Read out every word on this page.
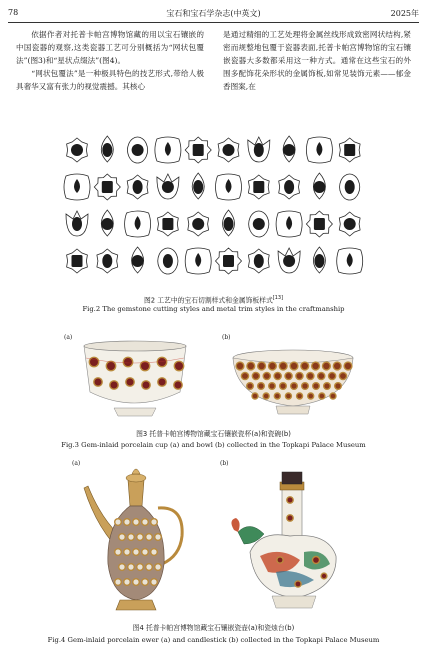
78	宝石和宝石学杂志(中英文)	2025年

依据作者对托普卡帕宫博物馆藏的用以宝石镶嵌的中国瓷器的观察,这类瓷器工艺可分别概括为“网状包覆法”(图3)和“星状点缀法”(图4)。

“网状包覆法”是一种极具特色的技艺形式,带给人极具奢华又富有张力的视觉震撼。其核心

是通过精细的工艺处理将金属丝线形成致密网状结构,紧密而规整地包覆于瓷器表面,托普卡帕宫博物馆的宝石镶嵌瓷器大多数都采用这一种方式。通常在这些宝石的外围多配饰花朵形状的金属饰板,如常见装饰元素——郁金香图案,在

图2 工艺中的宝石切割样式和金属饰板样式[13]
Fig.2 The gemstone cutting styles and metal trim styles in the craftmanship
(a)	(b)
图3 托普卡帕宫博物馆藏宝石镶嵌瓷杯(a)和瓷碗(b)
Fig.3 Gem-inlaid porcelain cup (a) and bowl (b) collected in the Topkapi Palace Museum
(a)	(b)
图4 托普卡帕宫博物馆藏宝石镶嵌瓷壶(a)和瓷烛台(b)
Fig.4 Gem-inlaid porcelain ewer (a) and candlestick (b) collected in the Topkapi Palace Museum
